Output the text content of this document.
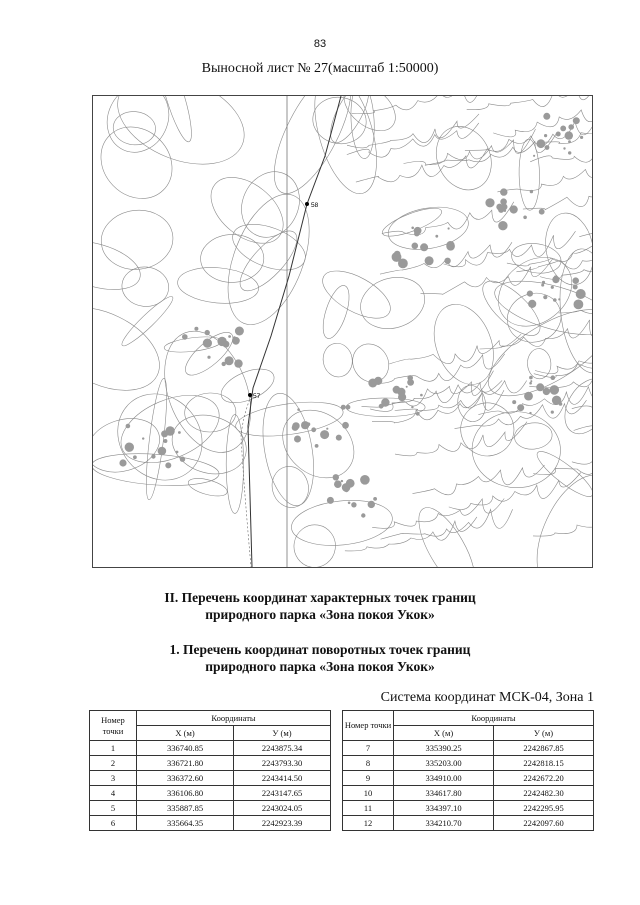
83
Выносной лист № 27(масштаб 1:50000)
58
57
II. Перечень координат характерных точек границ
природного парка «Зона покоя Укок»
1. Перечень координат поворотных точек границ
природного парка «Зона покоя Укок»
Система координат МСК-04, Зона 1
Номер точки	Координаты	
	X (м)	У (м)
1	336740.85	2243875.34
2	336721.80	2243793.30
3	336372.60	2243414.50
4	336106.80	2243147.65
5	335887.85	2243024.05
6	335664.35	2242923.39
Номер точки	Координаты	
	X (м)	У (м)
7	335390.25	2242867.85
8	335203.00	2242818.15
9	334910.00	2242672.20
10	334617.80	2242482.30
11	334397.10	2242295.95
12	334210.70	2242097.60
